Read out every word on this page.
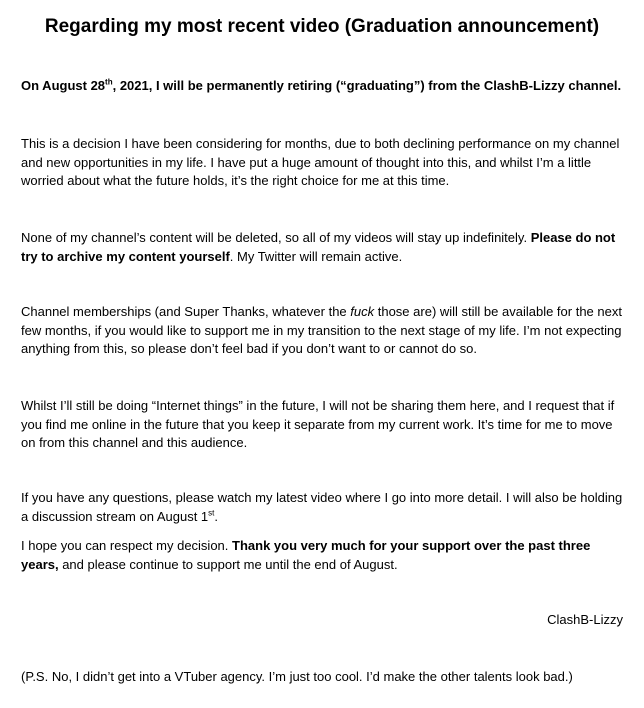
Regarding my most recent video (Graduation announcement)

On August 28th, 2021, I will be permanently retiring (“graduating”) from the ClashB-Lizzy channel.

This is a decision I have been considering for months, due to both declining performance on my channel and new opportunities in my life. I have put a huge amount of thought into this, and whilst I’m a little worried about what the future holds, it’s the right choice for me at this time.

None of my channel’s content will be deleted, so all of my videos will stay up indefinitely. Please do not try to archive my content yourself. My Twitter will remain active.

Channel memberships (and Super Thanks, whatever the fuck those are) will still be available for the next few months, if you would like to support me in my transition to the next stage of my life. I’m not expecting anything from this, so please don’t feel bad if you don’t want to or cannot do so.

Whilst I’ll still be doing “Internet things” in the future, I will not be sharing them here, and I request that if you find me online in the future that you keep it separate from my current work. It’s time for me to move on from this channel and this audience.

If you have any questions, please watch my latest video where I go into more detail. I will also be holding a discussion stream on August 1st.

I hope you can respect my decision. Thank you very much for your support over the past three years, and please continue to support me until the end of August.

ClashB-Lizzy

(P.S. No, I didn’t get into a VTuber agency. I’m just too cool. I’d make the other talents look bad.)
